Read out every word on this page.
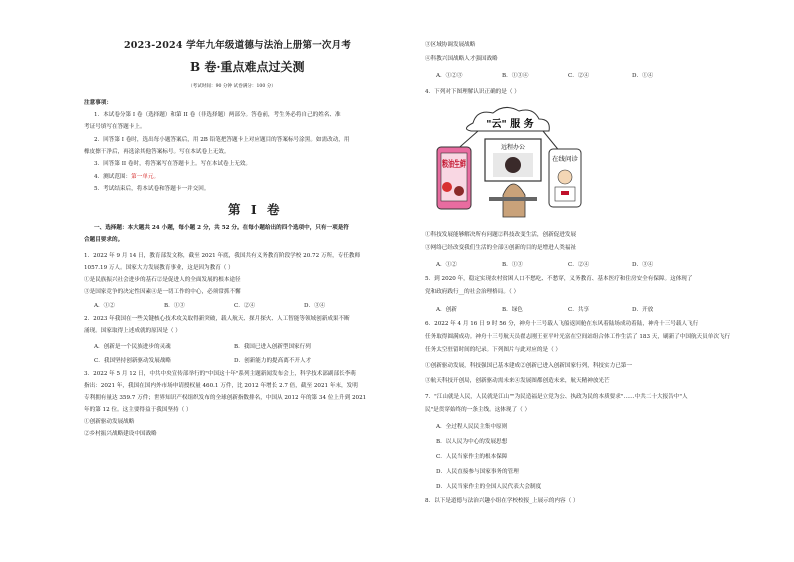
2023-2024 学年九年级道德与法治上册第一次月考
B 卷·重点难点过关测
（考试时间：90 分钟 试卷满分：100 分）
注意事项：
1．本试卷分第 I 卷（选择题）和第 II 卷（非选择题）两部分。答卷前，考生务必将自己的姓名、准
考证号填写在答题卡上。
2．回答第 I 卷时，选出每小题答案后，用 2B 铅笔把答题卡上对应题目的答案标号涂黑。如需改动，用
橡皮擦干净后，再选涂其他答案标号。写在本试卷上无效。
3．回答第 II 卷时，将答案写在答题卡上。写在本试卷上无效。
4．测试范围：第一单元。
5．考试结束后，将本试卷和答题卡一并交回。
第 I 卷
一、选择题：本大题共 24 小题，每小题 2 分，共 52 分。在每小题给出的四个选项中，只有一项是符
合题目要求的。
1．2022 年 9 月 14 日，教育部发文称，截至 2021 年底，我国共有义务教育阶段学校 20.72 万所，专任教师
1057.19 万人。国家大力发展教育事业，这是因为教育（ ）
①是民族振兴社会进步的基石②是促进人的全面发展的根本途径
③是国家竞争的决定性因素④是一切工作的中心，必须常抓不懈
A．①②	B．①③	C．②④	D．③④
2．2023 年我国在一些关键核心技术攻关取得新突破，载人航天、探月探火、人工智能等领域创新成果不断
涌现。国家取得上述成就的原因是（ ）
A．创新是一个民族进步的灵魂	B．我国已进入创新型国家行列
C．我国坚持创新驱动发展战略	D．创新能力的提高离不开人才
3．2022 年 5 月 12 日，中共中央宣传部举行的"中国这十年"系列主题新闻发布会上，科学技术部副部长李萌
指出：2021 年，我国在国内外市场申请授权量 460.1 万件，比 2012 年增长 2.7 倍，截至 2021 年末，发明
专利拥有量达 359.7 万件；世界知识产权组织发布的全球创新指数排名，中国从 2012 年的第 34 位上升到 2021
年的第 12 位。这主要得益于我国坚持（ ）
①创新驱动发展战略
②乡村振兴战略建设中国战略
③区域协调发展战略
④科教兴国战略人才强国战略
A．①②③	B．①③④	C．②④	D．①④
4．下列对下图理解认识正确的是（ ）
"云" 服 务
粮油生鲜
远程办公
在线问诊
①科技发展能够解决所有问题②科技改变生活，创新促进发展
③网络已经改变我们生活的全部④创新的目的是增进人类福祉
A．①②	B．①③	C．②④	D．③④
5．到 2020 年，稳定实现农村贫困人口不愁吃、不愁穿，义务教育、基本医疗和住房安全有保障。这体现了
党和政府践行__的社会治理格局。（ ）
A．创新	B．绿色	C．共享	D．开放
6．2022 年 4 月 16 日 9 时 56 分，神舟十三号载人飞船返回舱在东风着陆场成功着陆，神舟十三号载人飞行
任务取得圆满成功。神舟十三号航天员翟志刚王亚平叶光富在空间站组合体工作生活了 183 天，刷新了中国航天员单次飞行
任务太空驻留时间的纪录。下列图片与此对应的是（ ）
①创新驱动发展，科技强国已基本建成②创新已进入创新国家行列，科技实力已第一
③航天科技开创局，创新驱动需未来④发展图都创造未来，航天精神放光芒
7．"江山就是人民，人民就是江山""为民造福是立党为公、执政为民的本质要求"……中共二十大报告中"人
民"是贯穿始终的一条主线。这体现了（ ）
A．全过程人民民主集中原则
B．以人民为中心的发展思想
C．人民当家作主的根本保障
D．人民直接参与国家事务的管理
D．人民当家作主的全国人民代表大会制度
8．以下是道德与法治兴趣小组在学校校报_上展示的内容（ ）
